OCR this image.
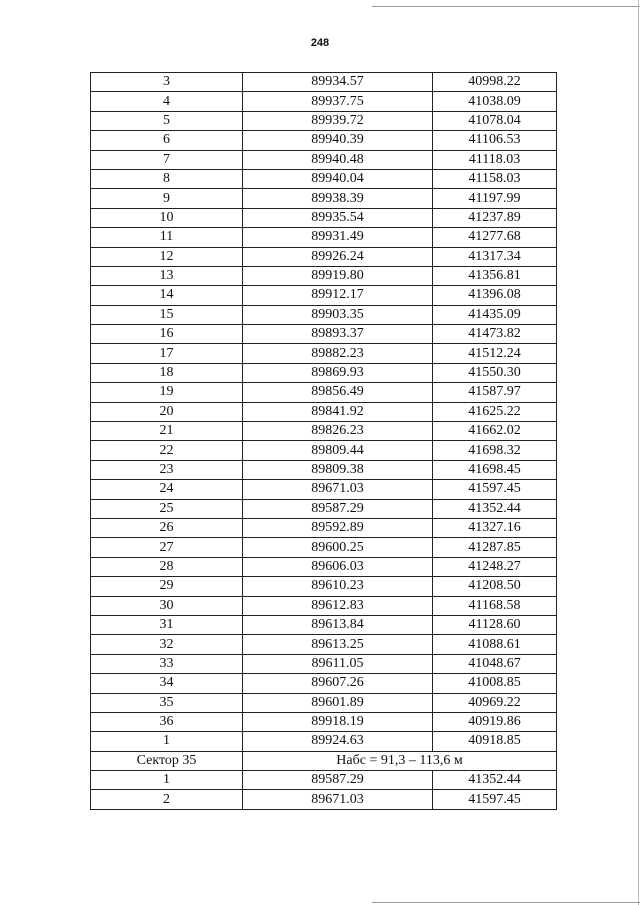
248
3	89934.57	40998.22
4	89937.75	41038.09
5	89939.72	41078.04
6	89940.39	41106.53
7	89940.48	41118.03
8	89940.04	41158.03
9	89938.39	41197.99
10	89935.54	41237.89
11	89931.49	41277.68
12	89926.24	41317.34
13	89919.80	41356.81
14	89912.17	41396.08
15	89903.35	41435.09
16	89893.37	41473.82
17	89882.23	41512.24
18	89869.93	41550.30
19	89856.49	41587.97
20	89841.92	41625.22
21	89826.23	41662.02
22	89809.44	41698.32
23	89809.38	41698.45
24	89671.03	41597.45
25	89587.29	41352.44
26	89592.89	41327.16
27	89600.25	41287.85
28	89606.03	41248.27
29	89610.23	41208.50
30	89612.83	41168.58
31	89613.84	41128.60
32	89613.25	41088.61
33	89611.05	41048.67
34	89607.26	41008.85
35	89601.89	40969.22
36	89918.19	40919.86
1	89924.63	40918.85
Сектор 35	Набс = 91,3 – 113,6 м	
1	89587.29	41352.44
2	89671.03	41597.45
